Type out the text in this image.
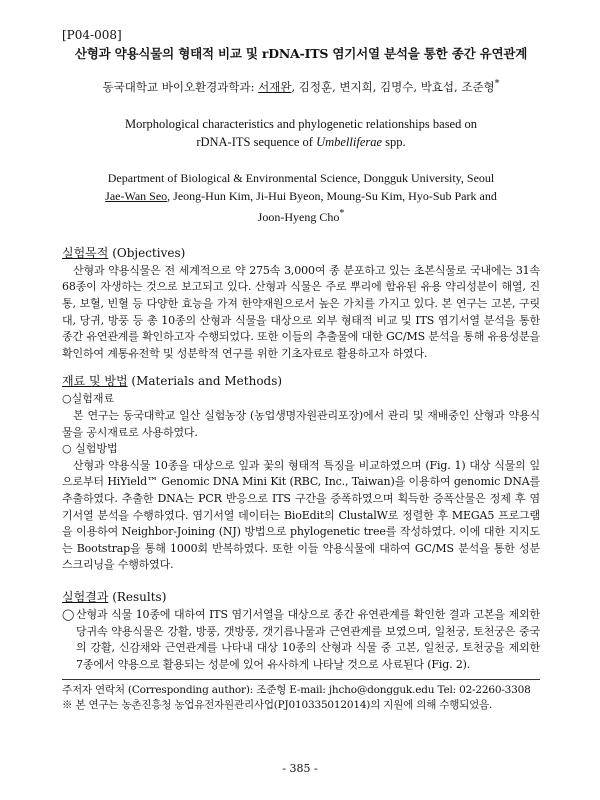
[P04-008]

산형과 약용식물의 형태적 비교 및 rDNA-ITS 염기서열 분석을 통한 종간 유연관계

동국대학교 바이오환경과학과: 서재완, 김정훈, 변지희, 김명수, 박효섭, 조준형*

Morphological characteristics and phylogenetic relationships based on
rDNA-ITS sequence of Umbelliferae spp.

Department of Biological & Environmental Science, Dongguk University, Seoul
Jae-Wan Seo, Jeong-Hun Kim, Ji-Hui Byeon, Moung-Su Kim, Hyo-Sub Park and
Joon-Hyeng Cho*

실험목적 (Objectives)

산형과 약용식물은 전 세계적으로 약 275속 3,000여 종 분포하고 있는 초본식물로 국내에는 31속 68종이 자생하는 것으로 보고되고 있다. 산형과 식물은 주로 뿌리에 함유된 유용 약리성분이 해열, 진통, 보혈, 빈혈 등 다양한 효능을 가져 한약재원으로서 높은 가치를 가지고 있다. 본 연구는 고본, 구릿대, 당귀, 방풍 등 총 10종의 산형과 식물을 대상으로 외부 형태적 비교 및 ITS 염기서열 분석을 통한 종간 유연관계를 확인하고자 수행되었다. 또한 이들의 추출물에 대한 GC/MS 분석을 통해 유용성분을 확인하여 계통유전학 및 성분학적 연구를 위한 기초자료로 활용하고자 하였다.

재료 및 방법 (Materials and Methods)

○실험재료

본 연구는 동국대학교 일산 실험농장 (농업생명자원관리포장)에서 관리 및 재배중인 산형과 약용식물을 공시재료로 사용하였다.

○ 실험방법

산형과 약용식물 10종을 대상으로 잎과 꽃의 형태적 특징을 비교하였으며 (Fig. 1) 대상 식물의 잎으로부터 HiYield™ Genomic DNA Mini Kit (RBC, Inc., Taiwan)을 이용하여 genomic DNA를 추출하였다. 추출한 DNA는 PCR 반응으로 ITS 구간을 증폭하였으며 획득한 증폭산물은 정제 후 염기서열 분석을 수행하였다. 염기서열 데이터는 BioEdit의 ClustalW로 정렬한 후 MEGA5 프로그램을 이용하여 Neighbor-Joining (NJ) 방법으로 phylogenetic tree를 작성하였다. 이에 대한 지지도는 Bootstrap을 통해 1000회 반복하였다. 또한 이들 약용식물에 대하여 GC/MS 분석을 통한 성분 스크리닝을 수행하였다.

실험결과 (Results)

◯ 산형과 식물 10종에 대하여 ITS 염기서열을 대상으로 종간 유연관계를 확인한 결과 고본을 제외한 당귀속 약용식물은 강활, 방풍, 갯방풍, 갯기름나물과 근연관계를 보였으며, 일천궁, 토천궁은 중국의 강활, 신감채와 근연관계를 나타내 대상 10종의 산형과 식물 중 고본, 일천궁, 토천궁을 제외한 7종에서 약용으로 활용되는 성분에 있어 유사하게 나타날 것으로 사료된다 (Fig. 2).
주저자 연락처 (Corresponding author): 조준형 E-mail: jhcho@dongguk.edu Tel: 02-2260-3308
※ 본 연구는 농촌진흥청 농업유전자원관리사업(PJ010335012014)의 지원에 의해 수행되었음.
- 385 -
